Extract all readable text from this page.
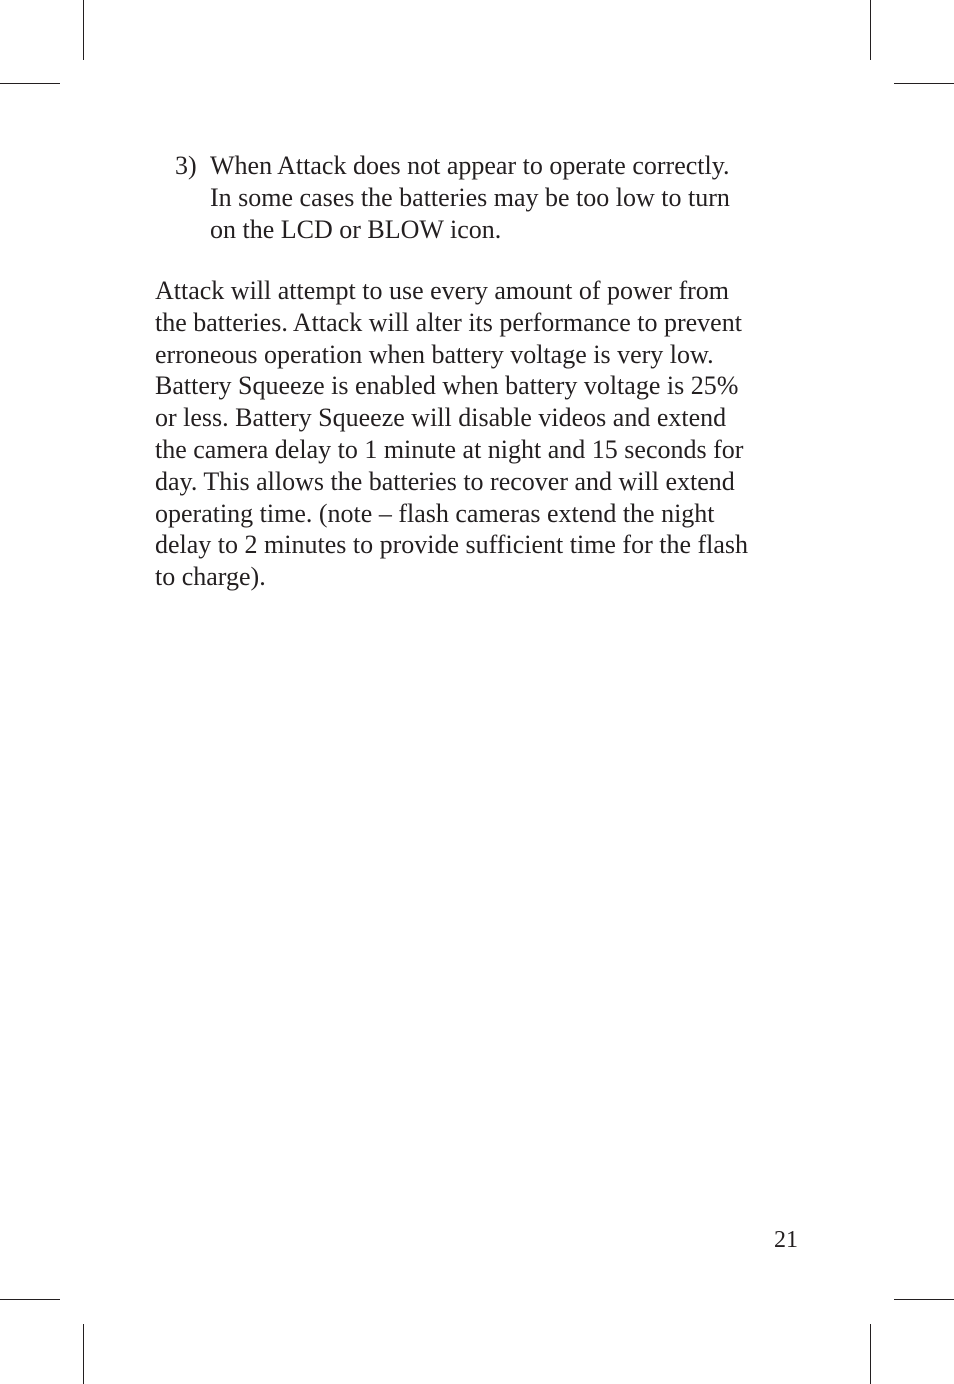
3) When Attack does not appear to operate correctly.
In some cases the batteries may be too low to turn
on the LCD or BLOW icon.
Attack will attempt to use every amount of power from
the batteries. Attack will alter its performance to prevent
erroneous operation when battery voltage is very low.
Battery Squeeze is enabled when battery voltage is 25%
or less. Battery Squeeze will disable videos and extend
the camera delay to 1 minute at night and 15 seconds for
day. This allows the batteries to recover and will extend
operating time. (note – flash cameras extend the night
delay to 2 minutes to provide sufficient time for the flash
to charge).
21
